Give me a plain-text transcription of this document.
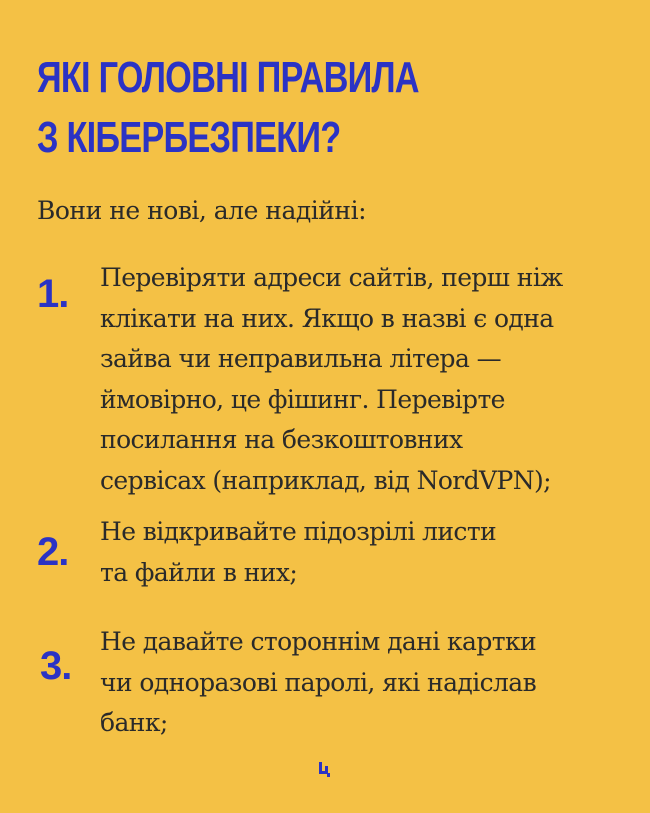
ЯКІ ГОЛОВНІ ПРАВИЛА
З КІБЕРБЕЗПЕКИ?

Вони не нові, але надійні:

1. Перевіряти адреси сайтів, перш ніж
клікати на них. Якщо в назві є одна
зайва чи неправильна літера —
ймовірно, це фішинг. Перевірте
посилання на безкоштовних
сервісах (наприклад, від NordVPN);

2. Не відкривайте підозрілі листи
та файли в них;

3.

Не давайте стороннім дані картки
чи одноразові паролі, які надіслав
банк;
